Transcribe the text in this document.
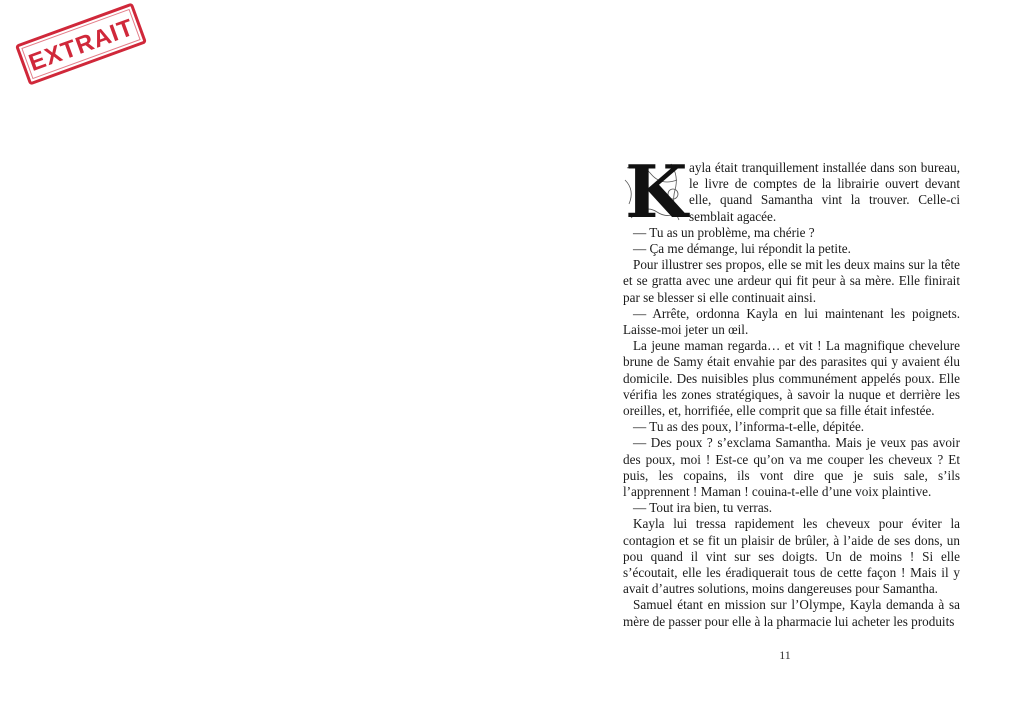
EXTRAIT

K ayla était tranquillement installée dans son bureau, le livre de comptes de la librairie ouvert devant elle, quand Samantha vint la trouver. Celle-ci semblait agacée.

— Tu as un problème, ma chérie ?

— Ça me démange, lui répondit la petite.

Pour illustrer ses propos, elle se mit les deux mains sur la tête et se gratta avec une ardeur qui fit peur à sa mère. Elle finirait par se blesser si elle continuait ainsi.

— Arrête, ordonna Kayla en lui maintenant les poignets. Laisse-moi jeter un œil.

La jeune maman regarda… et vit ! La magnifique chevelure brune de Samy était envahie par des parasites qui y avaient élu domicile. Des nuisibles plus communément appelés poux. Elle vérifia les zones stratégiques, à savoir la nuque et derrière les oreilles, et, horrifiée, elle comprit que sa fille était infestée.

— Tu as des poux, l’informa-t-elle, dépitée.

— Des poux ? s’exclama Samantha. Mais je veux pas avoir des poux, moi ! Est-ce qu’on va me couper les cheveux ? Et puis, les copains, ils vont dire que je suis sale, s’ils l’apprennent ! Maman ! couina-t-elle d’une voix plaintive.

— Tout ira bien, tu verras.

Kayla lui tressa rapidement les cheveux pour éviter la contagion et se fit un plaisir de brûler, à l’aide de ses dons, un pou quand il vint sur ses doigts. Un de moins ! Si elle s’écoutait, elle les éradiquerait tous de cette façon ! Mais il y avait d’autres solutions, moins dangereuses pour Samantha.

Samuel étant en mission sur l’Olympe, Kayla demanda à sa mère de passer pour elle à la pharmacie lui acheter les produits

11
